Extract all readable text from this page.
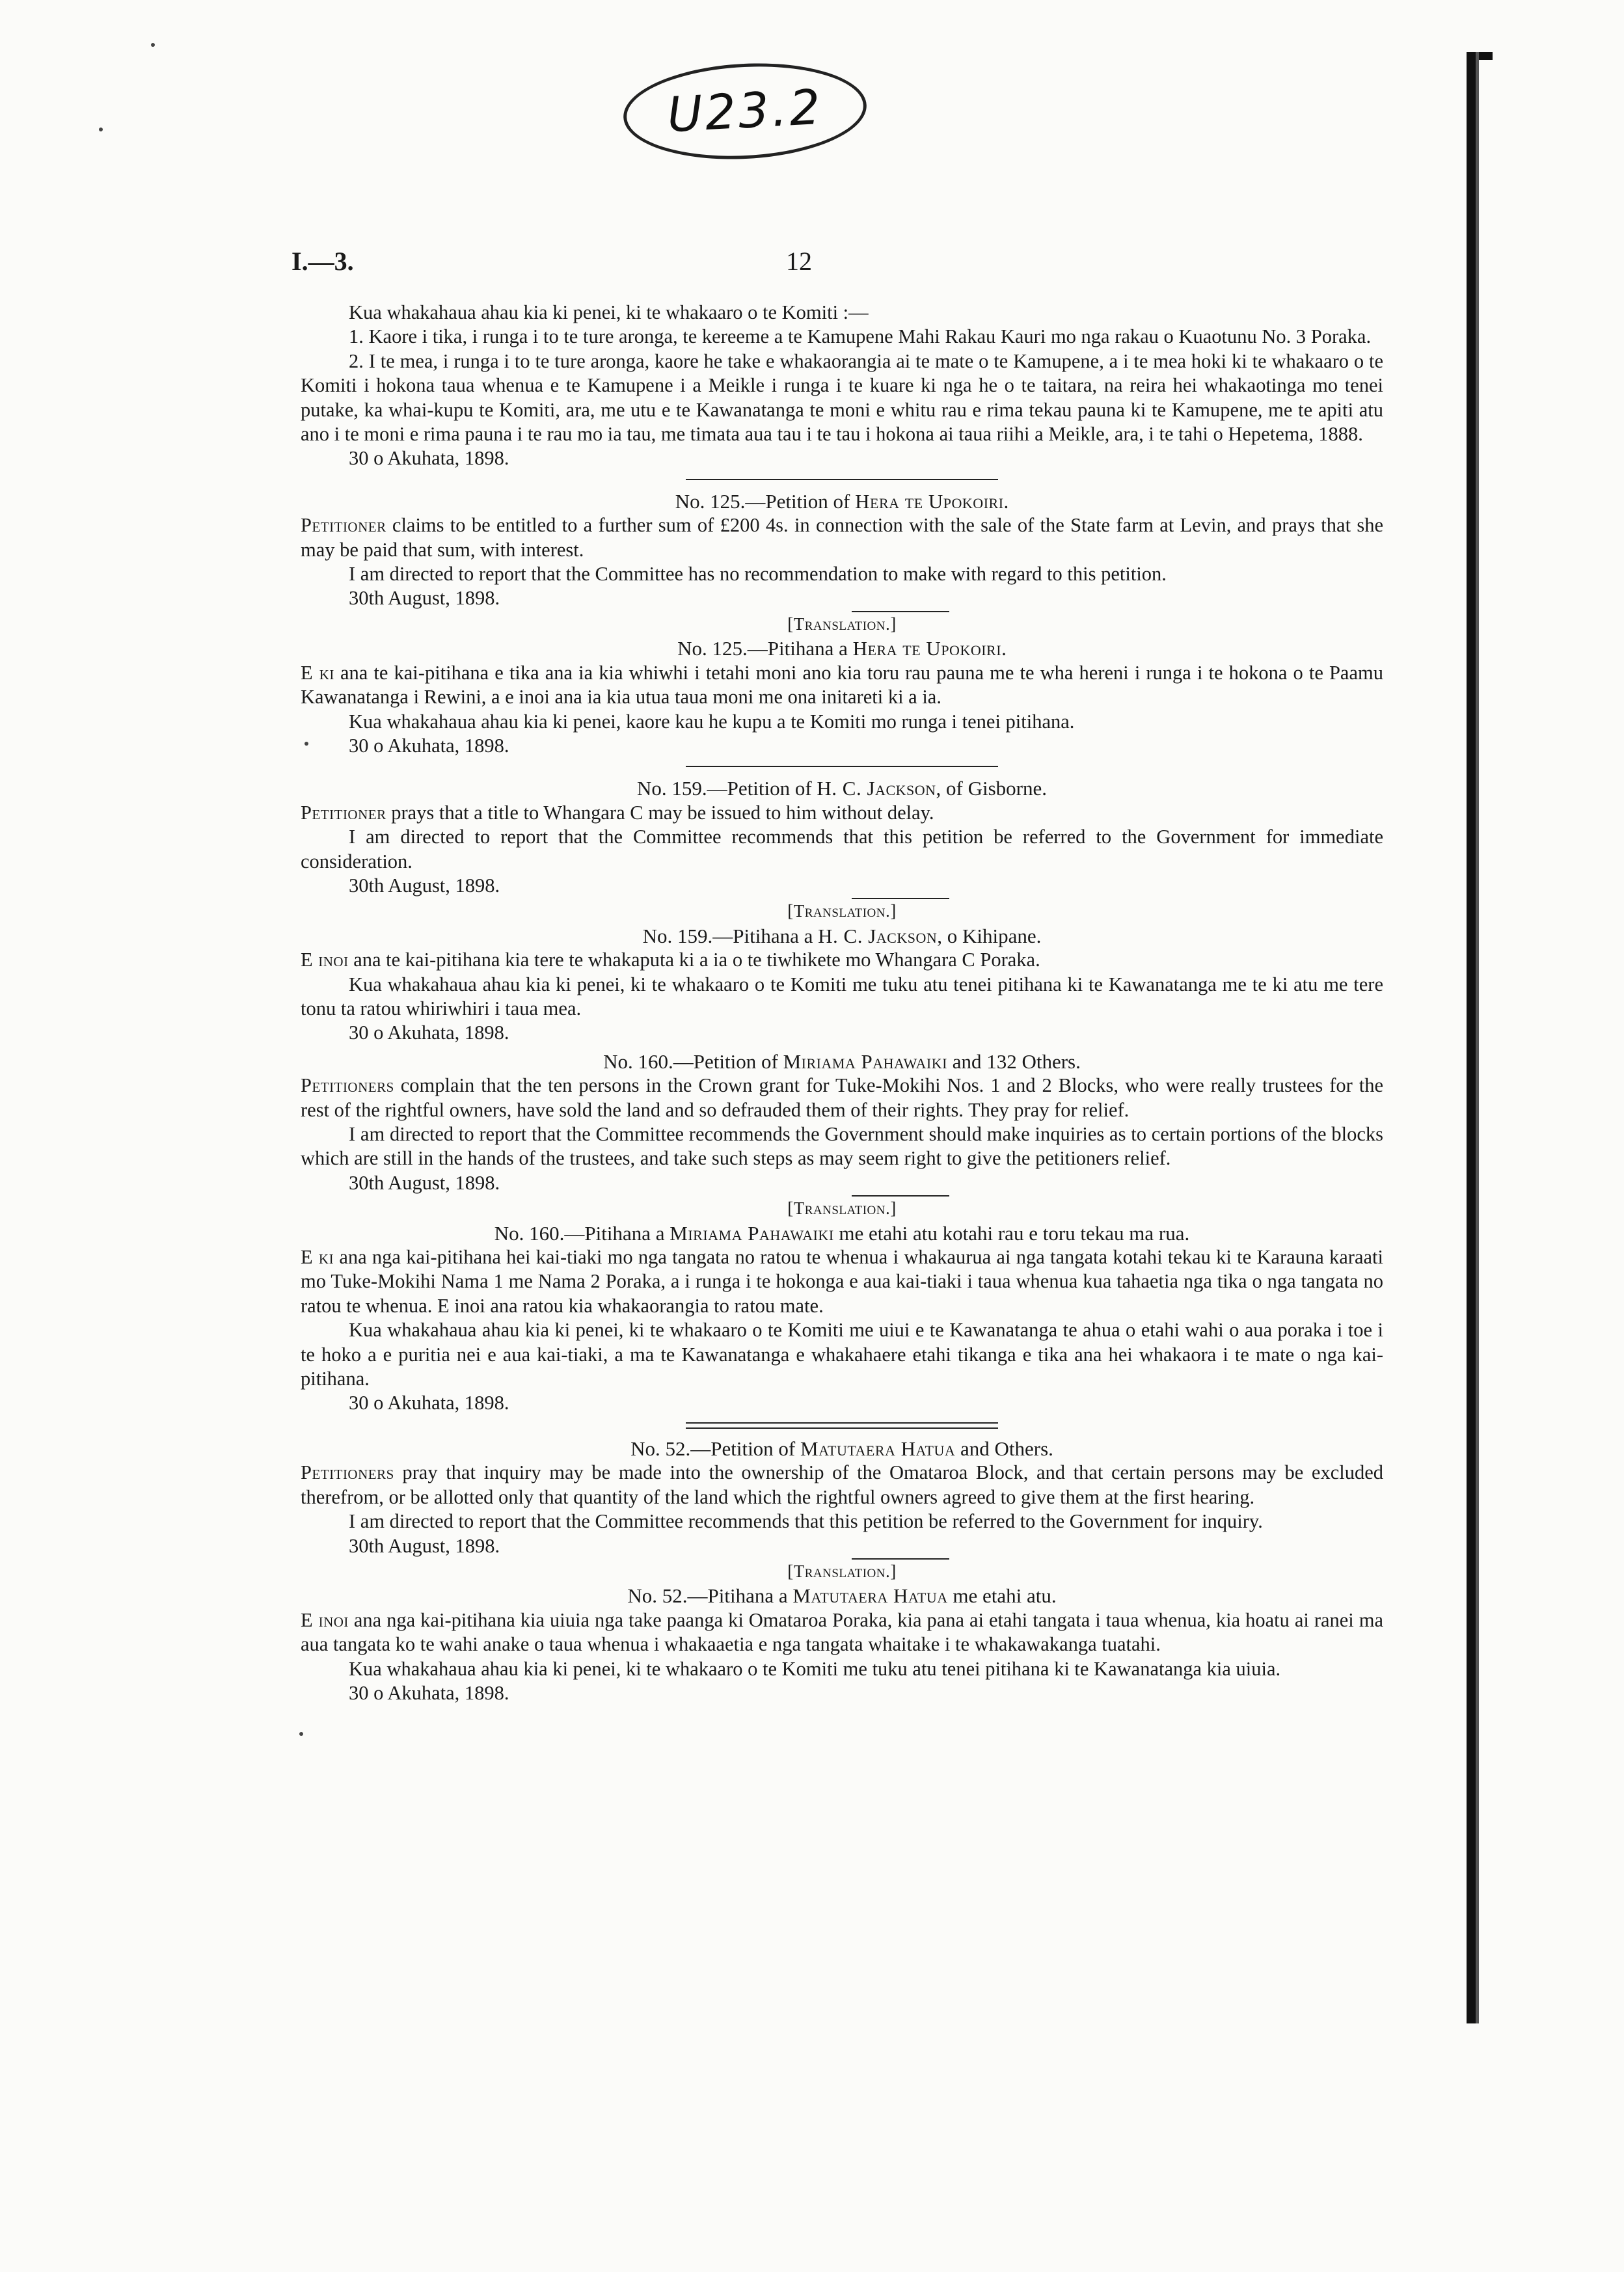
U23.2
I.—3.	12

Kua whakahaua ahau kia ki penei, ki te whakaaro o te Komiti :—

1. Kaore i tika, i runga i to te ture aronga, te kereeme a te Kamupene Mahi Rakau Kauri mo nga rakau o Kuaotunu No. 3 Poraka.

2. I te mea, i runga i to te ture aronga, kaore he take e whakaorangia ai te mate o te Kamupene, a i te mea hoki ki te whakaaro o te Komiti i hokona taua whenua e te Kamupene i a Meikle i runga i te kuare ki nga he o te taitara, na reira hei whakaotinga mo tenei putake, ka whai-kupu te Komiti, ara, me utu e te Kawanatanga te moni e whitu rau e rima tekau pauna ki te Kamupene, me te apiti atu ano i te moni e rima pauna i te rau mo ia tau, me timata aua tau i te tau i hokona ai taua riihi a Meikle, ara, i te tahi o Hepetema, 1888.

30 o Akuhata, 1898.

No. 125.—Petition of Hera te Upokoiri.

Petitioner claims to be entitled to a further sum of £200 4s. in connection with the sale of the State farm at Levin, and prays that she may be paid that sum, with interest.

I am directed to report that the Committee has no recommendation to make with regard to this petition.

30th August, 1898.

[Translation.]

No. 125.—Pitihana a Hera te Upokoiri.

E ki ana te kai-pitihana e tika ana ia kia whiwhi i tetahi moni ano kia toru rau pauna me te wha hereni i runga i te hokona o te Paamu Kawanatanga i Rewini, a e inoi ana ia kia utua taua moni me ona initareti ki a ia.

Kua whakahaua ahau kia ki penei, kaore kau he kupu a te Komiti mo runga i tenei pitihana.

30 o Akuhata, 1898.

No. 159.—Petition of H. C. Jackson, of Gisborne.

Petitioner prays that a title to Whangara C may be issued to him without delay.

I am directed to report that the Committee recommends that this petition be referred to the Government for immediate consideration.

30th August, 1898.

[Translation.]

No. 159.—Pitihana a H. C. Jackson, o Kihipane.

E inoi ana te kai-pitihana kia tere te whakaputa ki a ia o te tiwhikete mo Whangara C Poraka.

Kua whakahaua ahau kia ki penei, ki te whakaaro o te Komiti me tuku atu tenei pitihana ki te Kawanatanga me te ki atu me tere tonu ta ratou whiriwhiri i taua mea.

30 o Akuhata, 1898.

No. 160.—Petition of Miriama Pahawaiki and 132 Others.

Petitioners complain that the ten persons in the Crown grant for Tuke-Mokihi Nos. 1 and 2 Blocks, who were really trustees for the rest of the rightful owners, have sold the land and so defrauded them of their rights. They pray for relief.

I am directed to report that the Committee recommends the Government should make inquiries as to certain portions of the blocks which are still in the hands of the trustees, and take such steps as may seem right to give the petitioners relief.

30th August, 1898.

[Translation.]

No. 160.—Pitihana a Miriama Pahawaiki me etahi atu kotahi rau e toru tekau ma rua.

E ki ana nga kai-pitihana hei kai-tiaki mo nga tangata no ratou te whenua i whakaurua ai nga tangata kotahi tekau ki te Karauna karaati mo Tuke-Mokihi Nama 1 me Nama 2 Poraka, a i runga i te hokonga e aua kai-tiaki i taua whenua kua tahaetia nga tika o nga tangata no ratou te whenua. E inoi ana ratou kia whakaorangia to ratou mate.

Kua whakahaua ahau kia ki penei, ki te whakaaro o te Komiti me uiui e te Kawanatanga te ahua o etahi wahi o aua poraka i toe i te hoko a e puritia nei e aua kai-tiaki, a ma te Kawanatanga e whakahaere etahi tikanga e tika ana hei whakaora i te mate o nga kai-pitihana.

30 o Akuhata, 1898.

No. 52.—Petition of Matutaera Hatua and Others.

Petitioners pray that inquiry may be made into the ownership of the Omataroa Block, and that certain persons may be excluded therefrom, or be allotted only that quantity of the land which the rightful owners agreed to give them at the first hearing.

I am directed to report that the Committee recommends that this petition be referred to the Government for inquiry.

30th August, 1898.

[Translation.]

No. 52.—Pitihana a Matutaera Hatua me etahi atu.

E inoi ana nga kai-pitihana kia uiuia nga take paanga ki Omataroa Poraka, kia pana ai etahi tangata i taua whenua, kia hoatu ai ranei ma aua tangata ko te wahi anake o taua whenua i whakaaetia e nga tangata whaitake i te whakawakanga tuatahi.

Kua whakahaua ahau kia ki penei, ki te whakaaro o te Komiti me tuku atu tenei pitihana ki te Kawanatanga kia uiuia.

30 o Akuhata, 1898.
